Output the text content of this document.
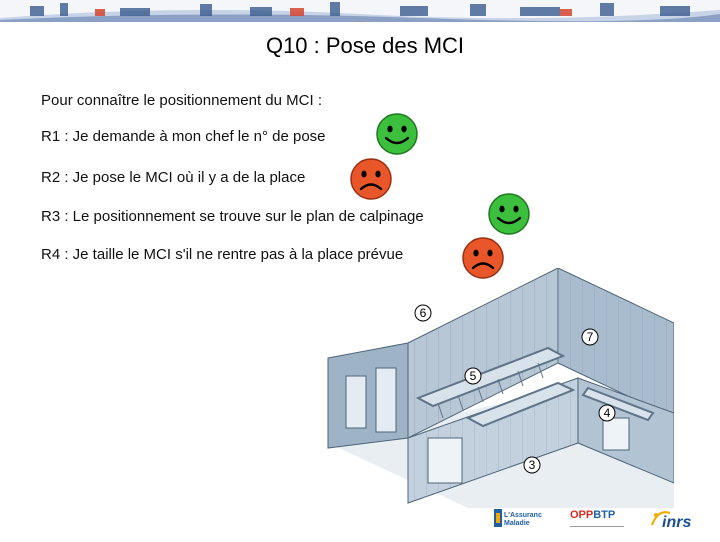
Q10 : Pose des MCI
Pour connaître le positionnement du MCI :
R1 : Je demande à mon chef le n° de pose
R2 : Je pose le MCI où il y a de la place
R3 : Le positionnement se trouve sur le plan de calpinage
R4 : Je taille le MCI s'il ne rentre pas à la place prévue
6
7
5
4
3
L'Assurance
Maladie
OPPBTP	inrs
